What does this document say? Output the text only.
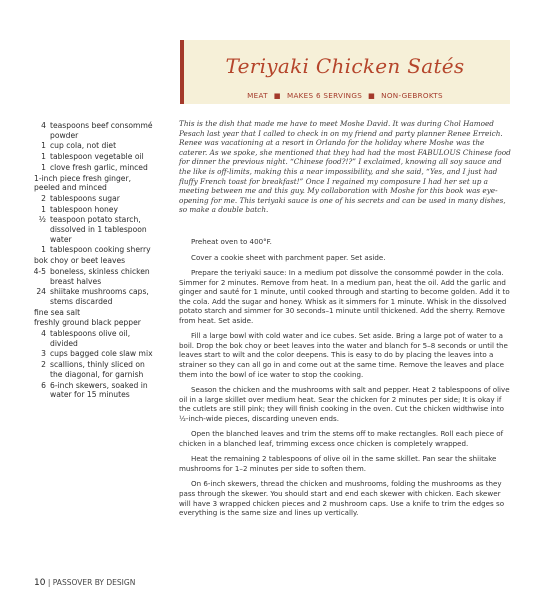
Teriyaki Chicken Satés
MEAT ■ MAKES 6 SERVINGS ■ NON-GEBROKTS
4 teaspoons beef consommé powder
1 cup cola, not diet
1 tablespoon vegetable oil
1 clove fresh garlic, minced
1-inch piece fresh ginger, peeled and minced
2 tablespoons sugar
1 tablespoon honey
½ teaspoon potato starch, dissolved in 1 tablespoon water
1 tablespoon cooking sherry
bok choy or beet leaves
4-5 boneless, skinless chicken breast halves
24 shiitake mushrooms caps, stems discarded
fine sea salt
freshly ground black pepper
4 tablespoons olive oil, divided
3 cups bagged cole slaw mix
2 scallions, thinly sliced on the diagonal, for garnish
6 6-inch skewers, soaked in water for 15 minutes
This is the dish that made me have to meet Moshe David. It was during Chol Hamoed Pesach last year that I called to check in on my friend and party planner Renee Erreich. Renee was vacationing at a resort in Orlando for the holiday where Moshe was the caterer. As we spoke, she mentioned that they had had the most FABULOUS Chinese food for dinner the previous night. “Chinese food?!?” I exclaimed, knowing all soy sauce and the like is off-limits, making this a near impossibility, and she said, “Yes, and I just had fluffy French toast for breakfast!” Once I regained my composure I had her set up a meeting between me and this guy. My collaboration with Moshe for this book was eye-opening for me. This teriyaki sauce is one of his secrets and can be used in many dishes, so make a double batch.

Preheat oven to 400°F.

Cover a cookie sheet with parchment paper. Set aside.

Prepare the teriyaki sauce: In a medium pot dissolve the consommé powder in the cola. Simmer for 2 minutes. Remove from heat. In a medium pan, heat the oil. Add the garlic and ginger and sauté for 1 minute, until cooked through and starting to become golden. Add it to the cola. Add the sugar and honey. Whisk as it simmers for 1 minute. Whisk in the dissolved potato starch and simmer for 30 seconds–1 minute until thickened. Add the sherry. Remove from heat. Set aside.

Fill a large bowl with cold water and ice cubes. Set aside. Bring a large pot of water to a boil. Drop the bok choy or beet leaves into the water and blanch for 5–8 seconds or until the leaves start to wilt and the color deepens. This is easy to do by placing the leaves into a strainer so they can all go in and come out at the same time. Remove the leaves and place them into the bowl of ice water to stop the cooking.

Season the chicken and the mushrooms with salt and pepper. Heat 2 tablespoons of olive oil in a large skillet over medium heat. Sear the chicken for 2 minutes per side; It is okay if the cutlets are still pink; they will finish cooking in the oven. Cut the chicken widthwise into ½-inch-wide pieces, discarding uneven ends.

Open the blanched leaves and trim the stems off to make rectangles. Roll each piece of chicken in a blanched leaf, trimming excess once chicken is completely wrapped.

Heat the remaining 2 tablespoons of olive oil in the same skillet. Pan sear the shiitake mushrooms for 1–2 minutes per side to soften them.

On 6-inch skewers, thread the chicken and mushrooms, folding the mushrooms as they pass through the skewer. You should start and end each skewer with chicken. Each skewer will have 3 wrapped chicken pieces and 2 mushroom caps. Use a knife to trim the edges so everything is the same size and lines up vertically.

10 | PASSOVER BY DESIGN
